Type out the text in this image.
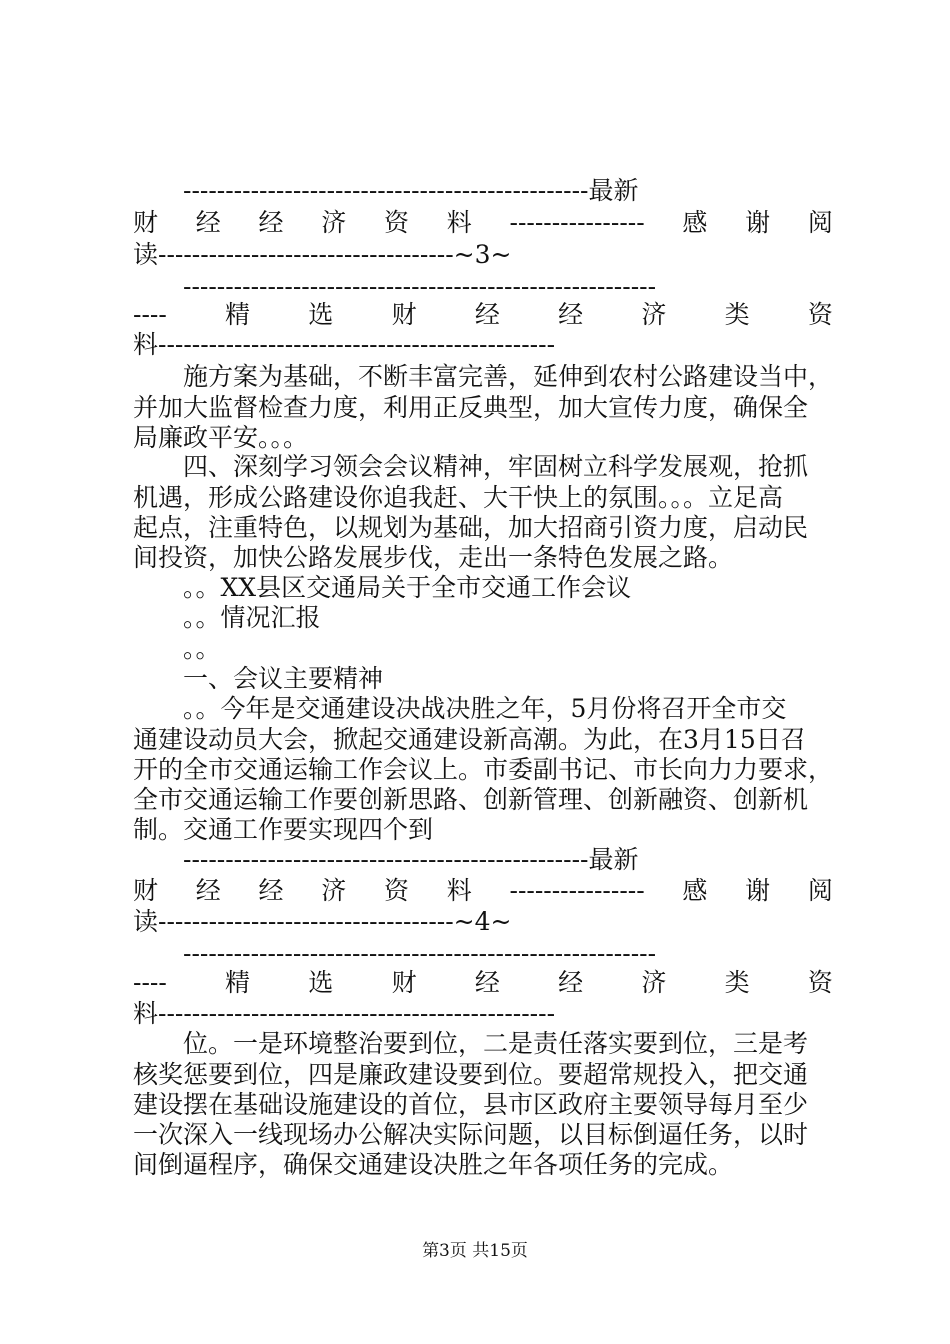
------------------------------------------------最新
财 经 经 济 资 料 ---------------- 感 谢 阅
读-----------------------------------~3~
--------------------------------------------------------
---- 精 选 财 经 经 济 类 资
料-----------------------------------------------
施方案为基础，不断丰富完善，延伸到农村公路建设当中，
并加大监督检查力度，利用正反典型，加大宣传力度，确保全
局廉政平安。。。
四、深刻学习领会会议精神，牢固树立科学发展观，抢抓
机遇，形成公路建设你追我赶、大干快上的氛围。。。立足高
起点，注重特色，以规划为基础，加大招商引资力度，启动民
间投资，加快公路发展步伐，走出一条特色发展之路。
。。XX县区交通局关于全市交通工作会议
。。情况汇报
。。
一、会议主要精神
。。今年是交通建设决战决胜之年，5月份将召开全市交
通建设动员大会，掀起交通建设新高潮。为此，在3月15日召
开的全市交通运输工作会议上。市委副书记、市长向力力要求，
全市交通运输工作要创新思路、创新管理、创新融资、创新机
制。交通工作要实现四个到
------------------------------------------------最新
财 经 经 济 资 料 ---------------- 感 谢 阅
读-----------------------------------~4~
--------------------------------------------------------
---- 精 选 财 经 经 济 类 资
料-----------------------------------------------
位。一是环境整治要到位，二是责任落实要到位，三是考
核奖惩要到位，四是廉政建设要到位。要超常规投入，把交通
建设摆在基础设施建设的首位，县市区政府主要领导每月至少
一次深入一线现场办公解决实际问题，以目标倒逼任务，以时
间倒逼程序，确保交通建设决胜之年各项任务的完成。
第3页 共15页
